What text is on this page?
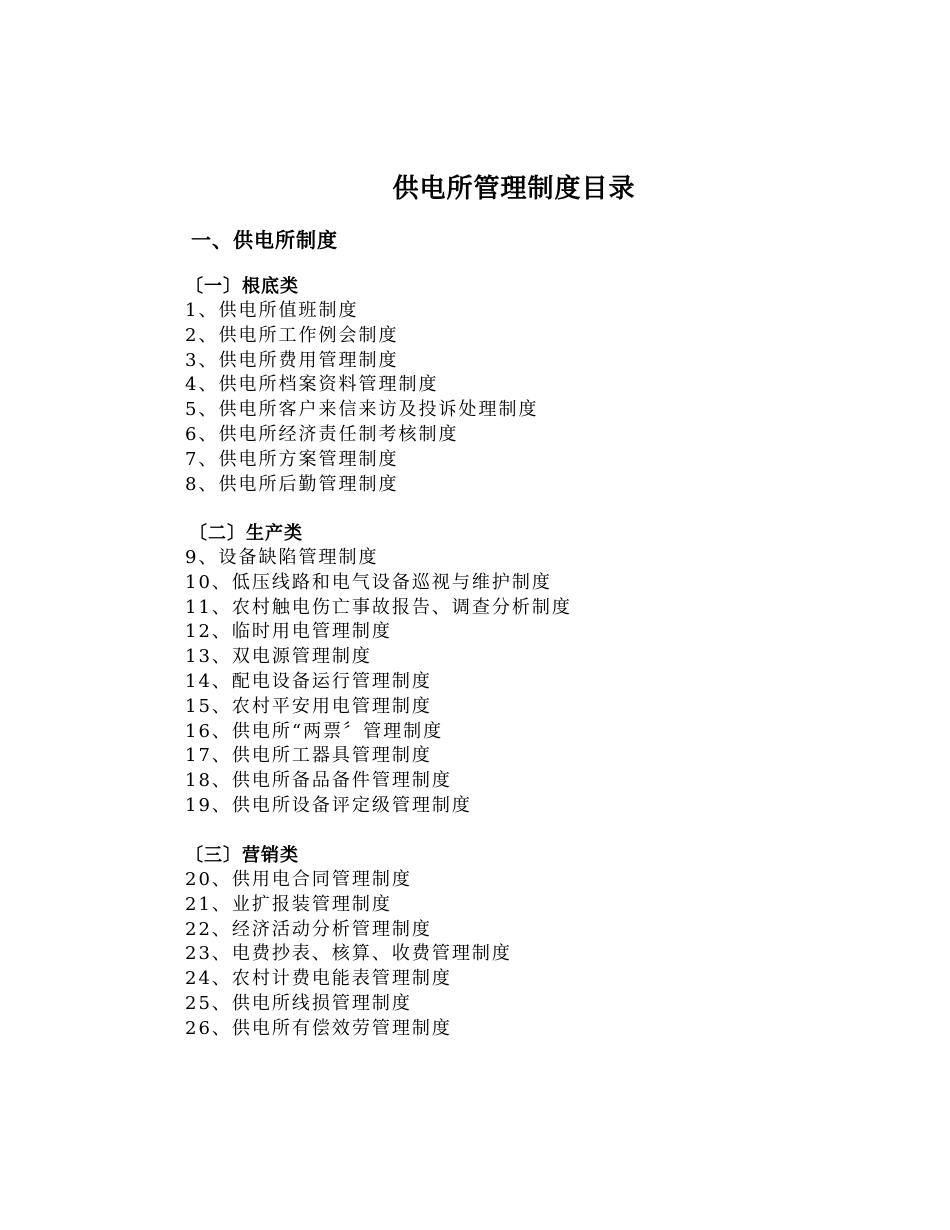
供电所管理制度目录
一、供电所制度
〔一〕根底类
1、供电所值班制度
2、供电所工作例会制度
3、供电所费用管理制度
4、供电所档案资料管理制度
5、供电所客户来信来访及投诉处理制度
6、供电所经济责任制考核制度
7、供电所方案管理制度
8、供电所后勤管理制度
〔二〕生产类
9、设备缺陷管理制度
10、低压线路和电气设备巡视与维护制度
11、农村触电伤亡事故报告、调查分析制度
12、临时用电管理制度
13、双电源管理制度
14、配电设备运行管理制度
15、农村平安用电管理制度
16、供电所“两票〞管理制度
17、供电所工器具管理制度
18、供电所备品备件管理制度
19、供电所设备评定级管理制度
〔三〕营销类
20、供用电合同管理制度
21、业扩报装管理制度
22、经济活动分析管理制度
23、电费抄表、核算、收费管理制度
24、农村计费电能表管理制度
25、供电所线损管理制度
26、供电所有偿效劳管理制度
